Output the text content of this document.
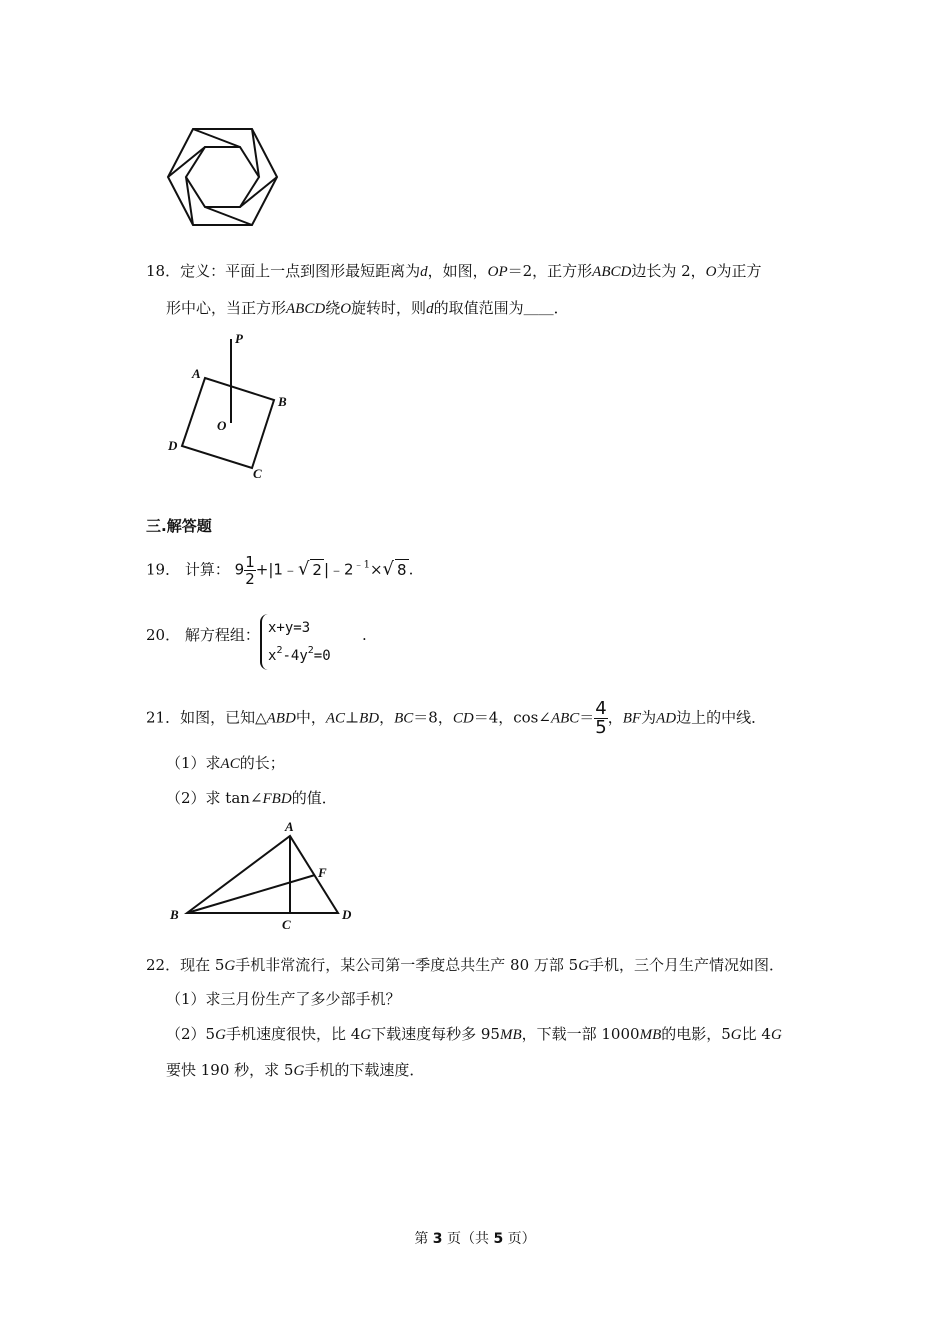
18．定义：平面上一点到图形最短距离为d，如图，OP＝2，正方形ABCD边长为 2，O为正方
形中心，当正方形ABCD绕O旋转时，则d的取值范围为＿＿．
P
A
B
O
D
C
三.解答题
19． 计算： $9 \frac{1}{2}$ +|1﹣√ 2 $|﹣2^{﹣1}\times√$ 8 .
20． 解方程组： x+y=3
$x^2-4y^2=0$
.
21．如图，已知△ABD中，AC⊥BD，BC＝8，CD＝4，cos∠ABC＝ $\frac{4}{5}$ ，BF为AD边上的中线．
（1）求AC的长；
（2）求 tan∠FBD的值．
A
F
B
C
D
22．现在 5G手机非常流行，某公司第一季度总共生产 80 万部 5G手机，三个月生产情况如图．
（1）求三月份生产了多少部手机？
（2）5G手机速度很快，比 4G下载速度每秒多 95MB，下载一部 1000MB的电影，5G比 4G
要快 190 秒，求 5G手机的下载速度．
第 3 页（共 5 页）
